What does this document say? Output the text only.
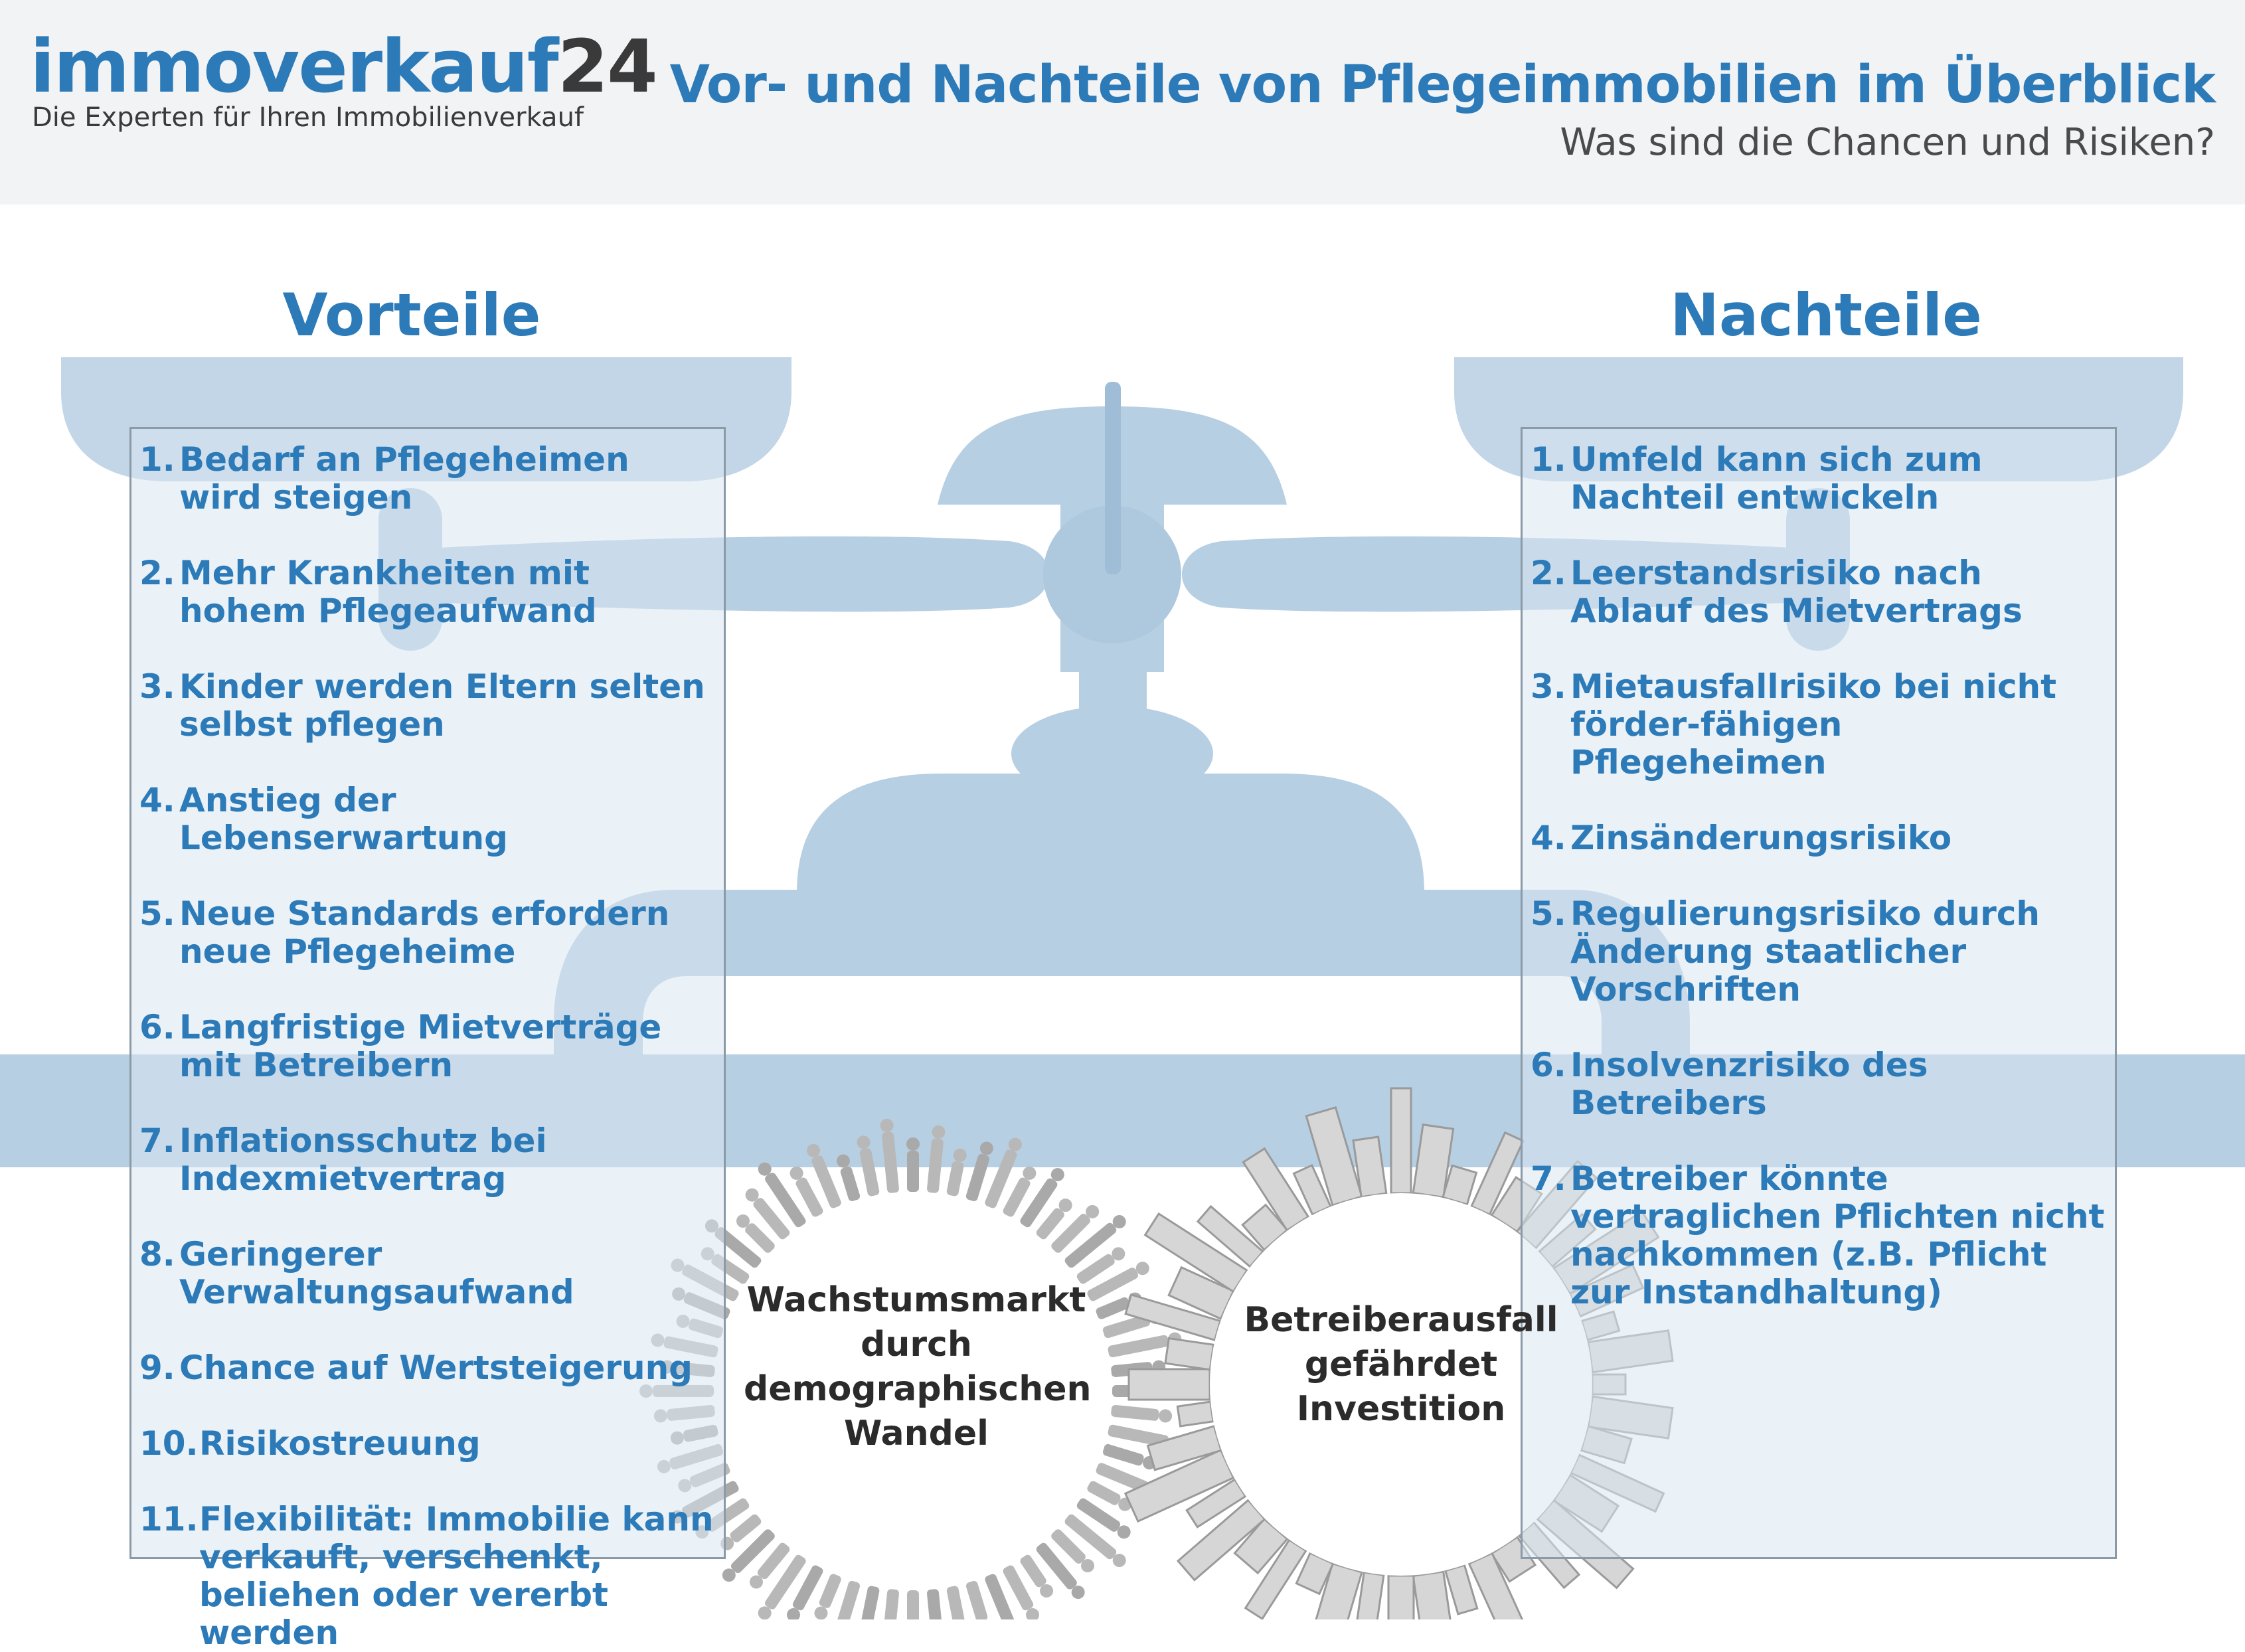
immoverkauf24
Die Experten für Ihren Immobilienverkauf
Vor- und Nachteile von Pflegeimmobilien im Überblick
Was sind die Chancen und Risiken?
Vorteile	Nachteile
1. Bedarf an Pflegeheimen wird steigen
2. Mehr Krankheiten mit hohem Pflegeaufwand
3. Kinder werden Eltern selten selbst pflegen
4. Anstieg der Lebenserwartung
5. Neue Standards erfordern neue Pflegeheime
6. Langfristige Mietverträge mit Betreibern
7. Inflationsschutz bei Indexmietvertrag
8. Geringerer Verwaltungsaufwand
9. Chance auf Wertsteigerung
10. Risikostreuung
11. Flexibilität: Immobilie kann verkauft, verschenkt, beliehen oder vererbt werden
1. Umfeld kann sich zum Nachteil entwickeln
2. Leerstandsrisiko nach Ablauf des Mietvertrags
3. Mietausfallrisiko bei nicht förder-fähigen Pflegeheimen
4. Zinsänderungsrisiko
5. Regulierungsrisiko durch Änderung staatlicher Vorschriften
6. Insolvenzrisiko des Betreibers
7. Betreiber könnte vertraglichen Pflichten nicht nachkommen (z.B. Pflicht zur Instandhaltung)

Wachstumsmarkt durch demographischen Wandel

Betreiberausfall gefährdet Investition
